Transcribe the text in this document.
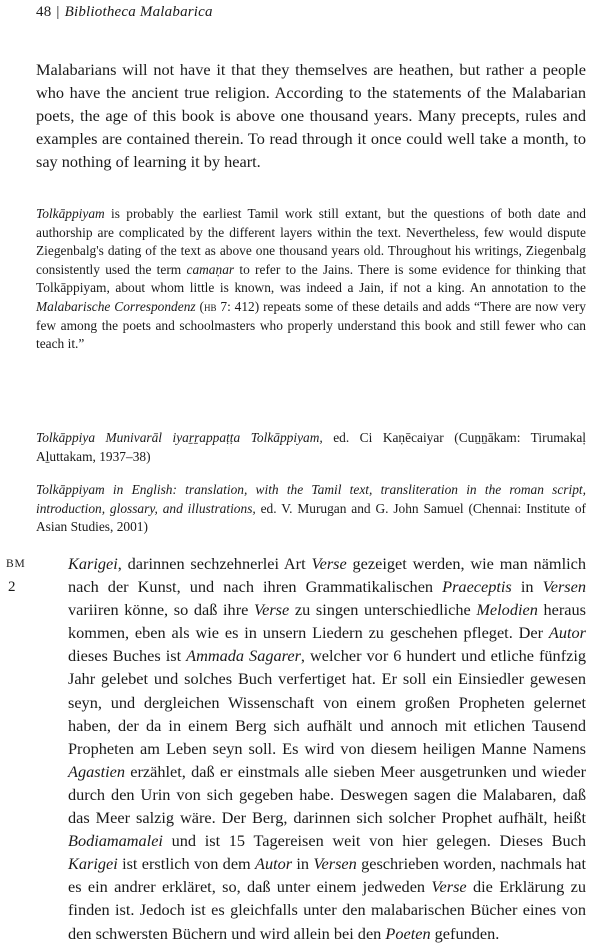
48 | Bibliotheca Malabarica
Malabarians will not have it that they themselves are heathen, but rather a people who have the ancient true religion. According to the statements of the Malabarian poets, the age of this book is above one thousand years. Many precepts, rules and examples are contained therein. To read through it once could well take a month, to say nothing of learning it by heart.
Tolkāppiyam is probably the earliest Tamil work still extant, but the questions of both date and authorship are complicated by the different layers within the text. Nevertheless, few would dispute Ziegenbalg's dating of the text as above one thousand years old. Throughout his writings, Ziegenbalg consistently used the term camaṇar to refer to the Jains. There is some evidence for thinking that Tolkāppiyam, about whom little is known, was indeed a Jain, if not a king. An annotation to the Malabarische Correspondenz (hb 7: 412) repeats some of these details and adds “There are now very few among the poets and schoolmasters who properly understand this book and still fewer who can teach it.”
Tolkāppiya Munivarāl iyaṟṟappaṭṭa Tolkāppiyam, ed. Ci Kaṇēcaiyar (Cuṉṉākam: Tirumakaḷ Aḻuttakam, 1937–38)
Tolkāppiyam in English: translation, with the Tamil text, transliteration in the roman script, introduction, glossary, and illustrations, ed. V. Murugan and G. John Samuel (Chennai: Institute of Asian Studies, 2001)
BM
2
Karigei, darinnen sechzehnerlei Art Verse gezeiget werden, wie man nämlich nach der Kunst, und nach ihren Grammatikalischen Praeceptis in Versen variiren könne, so daß ihre Verse zu singen unterschiedliche Melodien heraus kommen, eben als wie es in unsern Liedern zu geschehen pfleget. Der Autor dieses Buches ist Ammada Sagarer, welcher vor 6 hundert und etliche fünfzig Jahr gelebet und solches Buch verfertiget hat. Er soll ein Einsiedler gewesen seyn, und dergleichen Wissenschaft von einem großen Propheten gelernet haben, der da in einem Berg sich aufhält und annoch mit etlichen Tausend Propheten am Leben seyn soll. Es wird von diesem heiligen Manne Namens Agastien erzählet, daß er einstmals alle sieben Meer ausgetrunken und wieder durch den Urin von sich gegeben habe. Deswegen sagen die Malabaren, daß das Meer salzig wäre. Der Berg, darinnen sich solcher Prophet aufhält, heißt Bodiamamalei und ist 15 Tagereisen weit von hier gelegen. Dieses Buch Karigei ist erstlich von dem Autor in Versen geschrieben worden, nachmals hat es ein andrer erkläret, so, daß unter einem jedweden Verse die Erklärung zu finden ist. Jedoch ist es gleichfalls unter den malabarischen Bücher eines von den schwersten Büchern und wird allein bei den Poeten gefunden.
